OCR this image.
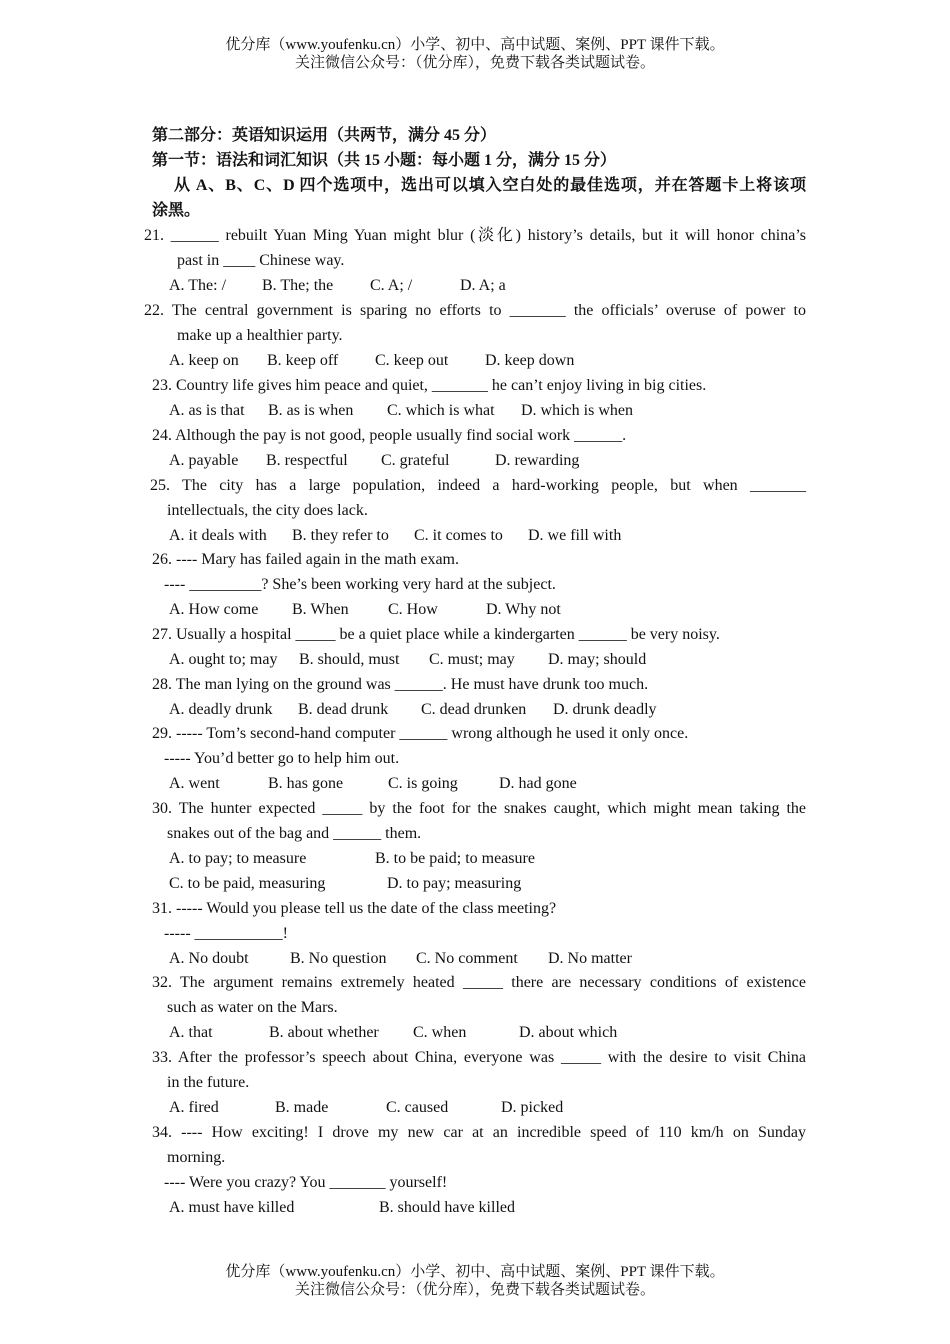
优分库（www.youfenku.cn）小学、初中、高中试题、案例、PPT 课件下载。
关注微信公众号：（优分库），免费下载各类试题试卷。
第二部分：英语知识运用（共两节，满分 45 分）
第一节：语法和词汇知识（共 15 小题：每小题 1 分，满分 15 分）
从 A、B、C、D 四个选项中，选出可以填入空白处的最佳选项，并在答题卡上将该项
涂黑。
21. ______ rebuilt Yuan Ming Yuan might blur (淡化) history’s details, but it will honor china’s
past in ____ Chinese way.
A. The: / B. The; the C. A; /	D. A; a
22. The central government is sparing no efforts to _______ the officials’ overuse of power to
make up a healthier party.
A. keep on B. keep off C. keep out D. keep down
23. Country life gives him peace and quiet, _______ he can’t enjoy living in big cities.
A. as is that B. as is when C. which is what D. which is when
24. Although the pay is not good, people usually find social work ______.
A. payable B. respectful C. grateful	D. rewarding
25. The city has a large population, indeed a hard-working people, but when _______
intellectuals, the city does lack.
A. it deals with B. they refer to C. it comes to D. we fill with
26. ---- Mary has failed again in the math exam.
---- _________? She’s been working very hard at the subject.
A. How come B. When C. How	D. Why not
27. Usually a hospital _____ be a quiet place while a kindergarten ______ be very noisy.
A. ought to; may B. should, must C. must; may D. may; should
28. The man lying on the ground was ______. He must have drunk too much.
A. deadly drunk B. dead drunk C. dead drunken D. drunk deadly
29. ----- Tom’s second-hand computer ______ wrong although he used it only once.
----- You’d better go to help him out.
A. went	B. has gone	C. is going	D. had gone
30. The hunter expected _____ by the foot for the snakes caught, which might mean taking the
snakes out of the bag and ______ them.
A. to pay; to measure	B. to be paid; to measure
C. to be paid, measuring	D. to pay; measuring
31. ----- Would you please tell us the date of the class meeting?
----- ___________!
A. No doubt	B. No question C. No comment D. No matter
32. The argument remains extremely heated _____ there are necessary conditions of existence
such as water on the Mars.
A. that	B. about whether C. when	D. about which
33. After the professor’s speech about China, everyone was _____ with the desire to visit China
in the future.
A. fired	B. made	C. caused	D. picked
34. ---- How exciting! I drove my new car at an incredible speed of 110 km/h on Sunday
morning.
---- Were you crazy? You _______ yourself!
A. must have killed	B. should have killed
优分库（www.youfenku.cn）小学、初中、高中试题、案例、PPT 课件下载。
关注微信公众号：（优分库），免费下载各类试题试卷。
